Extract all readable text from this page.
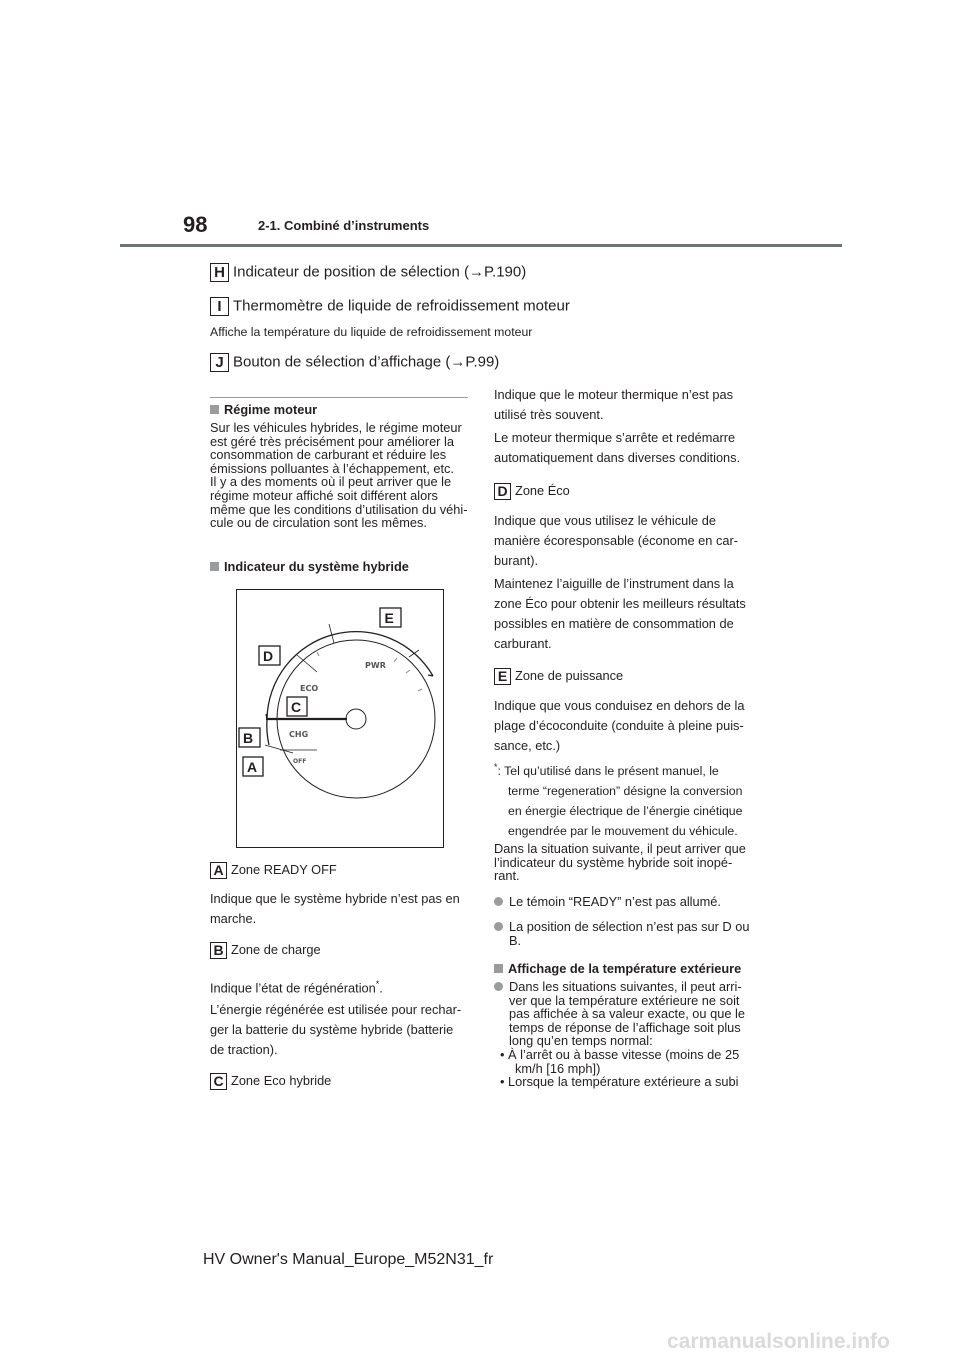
98	2-1. Combiné d’instruments
H Indicateur de position de sélection (→P.190)
I Thermomètre de liquide de refroidissement moteur
Affiche la température du liquide de refroidissement moteur
J Bouton de sélection d’affichage (→P.99)
Régime moteur
Sur les véhicules hybrides, le régime moteur
est géré très précisément pour améliorer la
consommation de carburant et réduire les
émissions polluantes à l’échappement, etc.
Il y a des moments où il peut arriver que le
régime moteur affiché soit différent alors
même que les conditions d’utilisation du véhi-
cule ou de circulation sont les mêmes.
Indicateur du système hybride
PWR
ECO
CHG
OFF
E
D
C
B
A
A Zone READY OFF
Indique que le système hybride n’est pas en
marche.
B Zone de charge
Indique l’état de régénération*.
L’énergie régénérée est utilisée pour rechar-
ger la batterie du système hybride (batterie
de traction).
C Zone Eco hybride
Indique que le moteur thermique n’est pas
utilisé très souvent.
Le moteur thermique s’arrête et redémarre
automatiquement dans diverses conditions.
D Zone Éco
Indique que vous utilisez le véhicule de
manière écoresponsable (économe en car-
burant).
Maintenez l’aiguille de l’instrument dans la
zone Éco pour obtenir les meilleurs résultats
possibles en matière de consommation de
carburant.
E Zone de puissance
Indique que vous conduisez en dehors de la
plage d’écoconduite (conduite à pleine puis-
sance, etc.)
*: Tel qu’utilisé dans le présent manuel, le
terme “regeneration” désigne la conversion
en énergie électrique de l’énergie cinétique
engendrée par le mouvement du véhicule.
Dans la situation suivante, il peut arriver que
l’indicateur du système hybride soit inopé-
rant.
Le témoin “READY” n’est pas allumé.
La position de sélection n’est pas sur D ou
B.
Affichage de la température extérieure
Dans les situations suivantes, il peut arri-
ver que la température extérieure ne soit
pas affichée à sa valeur exacte, ou que le
temps de réponse de l’affichage soit plus
long qu’en temps normal:
• À l’arrêt ou à basse vitesse (moins de 25
km/h [16 mph])
• Lorsque la température extérieure a subi
HV Owner's Manual_Europe_M52N31_fr
carmanualsonline.info
